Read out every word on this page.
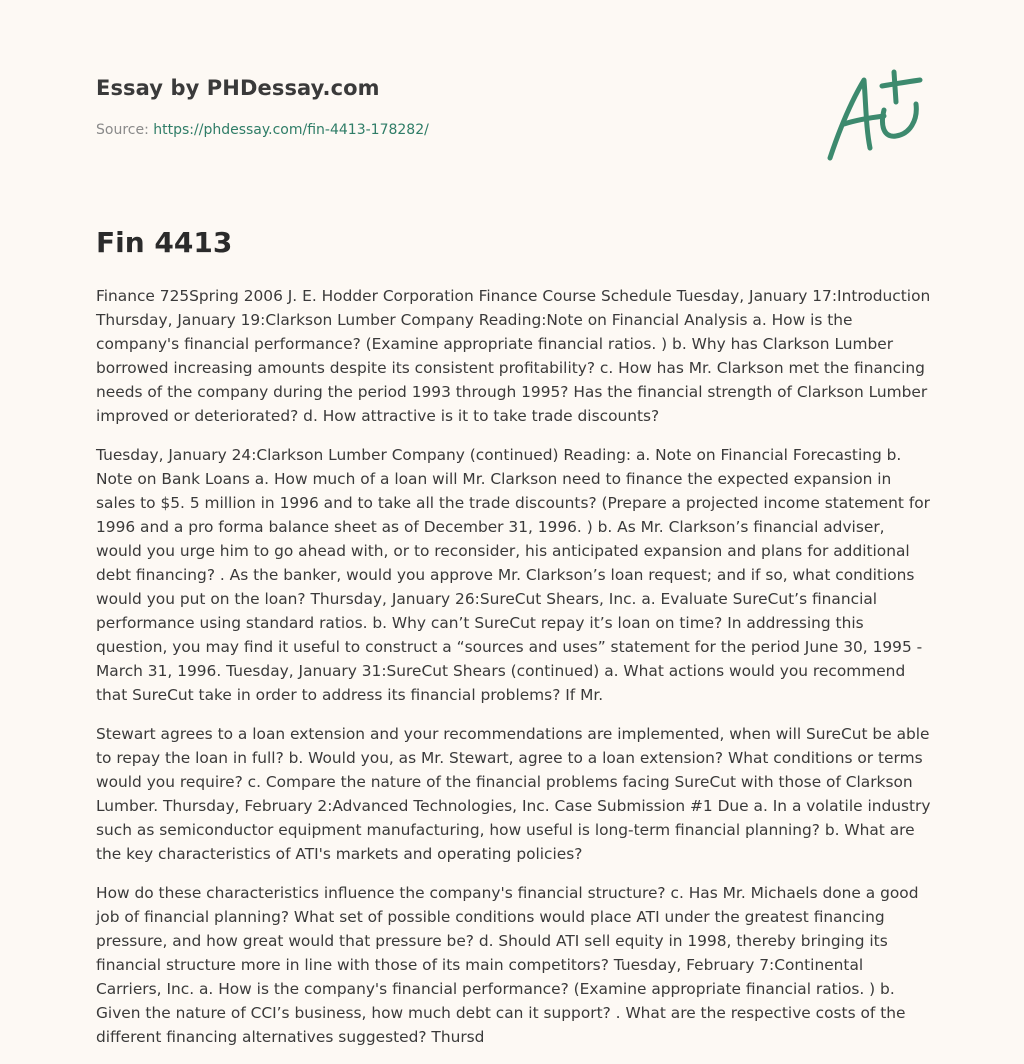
Essay by PHDessay.com
Source: https://phdessay.com/fin-4413-178282/
Fin 4413

Finance 725Spring 2006 J. E. Hodder Corporation Finance Course Schedule Tuesday, January 17:Introduction Thursday, January 19:Clarkson Lumber Company Reading:Note on Financial Analysis a. How is the company's financial performance? (Examine appropriate financial ratios. ) b. Why has Clarkson Lumber borrowed increasing amounts despite its consistent profitability? c. How has Mr. Clarkson met the financing needs of the company during the period 1993 through 1995? Has the financial strength of Clarkson Lumber improved or deteriorated? d. How attractive is it to take trade discounts?

Tuesday, January 24:Clarkson Lumber Company (continued) Reading: a. Note on Financial Forecasting b. Note on Bank Loans a. How much of a loan will Mr. Clarkson need to finance the expected expansion in sales to $5. 5 million in 1996 and to take all the trade discounts? (Prepare a projected income statement for 1996 and a pro forma balance sheet as of December 31, 1996. ) b. As Mr. Clarkson’s financial adviser, would you urge him to go ahead with, or to reconsider, his anticipated expansion and plans for additional debt financing? . As the banker, would you approve Mr. Clarkson’s loan request; and if so, what conditions would you put on the loan? Thursday, January 26:SureCut Shears, Inc. a. Evaluate SureCut’s financial performance using standard ratios. b. Why can’t SureCut repay it’s loan on time? In addressing this question, you may find it useful to construct a “sources and uses” statement for the period June 30, 1995 - March 31, 1996. Tuesday, January 31:SureCut Shears (continued) a. What actions would you recommend that SureCut take in order to address its financial problems? If Mr.

Stewart agrees to a loan extension and your recommendations are implemented, when will SureCut be able to repay the loan in full? b. Would you, as Mr. Stewart, agree to a loan extension? What conditions or terms would you require? c. Compare the nature of the financial problems facing SureCut with those of Clarkson Lumber. Thursday, February 2:Advanced Technologies, Inc. Case Submission #1 Due a. In a volatile industry such as semiconductor equipment manufacturing, how useful is long-term financial planning? b. What are the key characteristics of ATI's markets and operating policies?

How do these characteristics influence the company's financial structure? c. Has Mr. Michaels done a good job of financial planning? What set of possible conditions would place ATI under the greatest financing pressure, and how great would that pressure be? d. Should ATI sell equity in 1998, thereby bringing its financial structure more in line with those of its main competitors? Tuesday, February 7:Continental Carriers, Inc. a. How is the company's financial performance? (Examine appropriate financial ratios. ) b. Given the nature of CCI’s business, how much debt can it support? . What are the respective costs of the different financing alternatives suggested? Thursd
